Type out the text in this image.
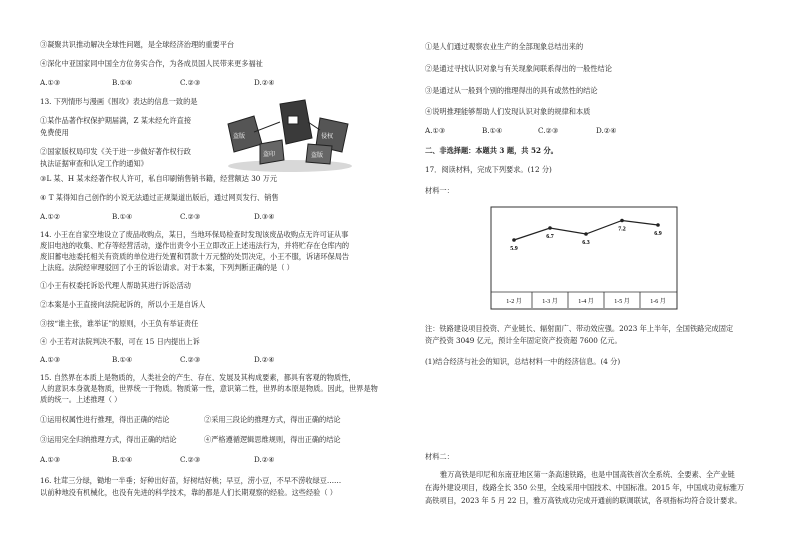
③凝聚共识推动解决全球性问题，是全球经济治理的重要平台
④深化中亚国家同中国全方位务实合作，为各成员国人民带来更多福祉
A.①③	B.①④	C.②③	D.②④
13. 下列情形与漫画《围攻》表达的信息一致的是
①某作品著作权保护期届满，Z 某未经允许直接
免费使用
②国家版权局印发《关于进一步做好著作权行政
执法证据审查和认定工作的通知》
③L 某、H 某未经著作权人许可，私自印刷销售销书籍，经营额达 30 万元
④ T 某得知自己创作的小说无法通过正规渠道出版后，通过网页发行、销售
A.①②	B.①④	C.②③	D.③④
14. 小王在自家空地设立了废品收购点，某日，当地环保局检查时发现该废品收购点无许可证从事
废旧电池的收集、贮存等经营活动，遂作出责令小王立即改正上述违法行为，并将贮存在仓库内的
废旧蓄电池委托相关有资质的单位进行处置和罚款十万元整的处罚决定，小王不服，诉诸环保局告
上法庭。法院经审理驳回了小王的诉讼请求。对于本案，下列判断正确的是（ ）
①小王有权委托诉讼代理人帮助其进行诉讼活动
②本案是小王直接向法院起诉的，所以小王是自诉人
③按“谁主张，谁举证”的原则，小王负有举证责任
④ 小王若对法院判决不服，可在 15 日内提出上诉
A.①③	B.①④	C.②③	D.②④
15. 自然界在本质上是物质的，人类社会的产生、存在、发展及其构成要素，都具有客观的物质性，
人的意识本身就是物质，世界统一于物质。物质第一性，意识第二性，世界的本原是物质。因此，世界是物
质的统一。上述推理（ ）
①运用权属性进行推理，得出正确的结论	②采用三段论的推理方式，得出正确的结论
③运用完全归纳推理方式，得出正确的结论	④严格遵循逻辑思维规则，得出正确的结论
A.①③	B.①④	C.②③	D.②④
16. 牡茸三分绿，锄地一半垂；好种出好苗，好树结好桃；早豆，涝小豆，不早不涝收绿豆……
以前种地没有机械化，也没有先进的科学技术，靠的都是人们长期观察的经验。这些经验（ ）
盗版	侵权
盗印	盗版
①是人们通过观察农业生产的全部现象总结出来的
②是通过寻找认识对象与有关现象间联系得出的一般性结论
③是通过从一般到个别的推理得出的具有或然性的结论
④说明推理能够帮助人们发现认识对象的规律和本质
A.①③	B.①④	C.②③	D.②④
二、非选择题：本题共 3 题，共 52 分。
17．阅读材料，完成下列要求。(12 分)
材料一：
5.9
1-2 月
6.7
1-3 月
6.3
1-4 月
7.2
1-5 月
6.9
1-6 月
注：铁路建设项目投资、产业链长、辐射面广、带动效应强。2023 年上半年，全国铁路完成固定
资产投资 3049 亿元，预计全年固定资产投资超 7600 亿元。
(1)结合经济与社会的知识，总结材料一中的经济信息。(4 分)
材料二：
雅万高铁是印尼和东南亚地区第一条高速铁路，也是中国高铁首次全系统、全要素、全产业链
在海外建设项目，线路全长 350 公里，全线采用中国技术、中国标准。2015 年，中国成功竞标雅万
高铁项目，2023 年 5 月 22 日，雅万高铁成功完成开通前的联调联试，各项指标均符合设计要求。
